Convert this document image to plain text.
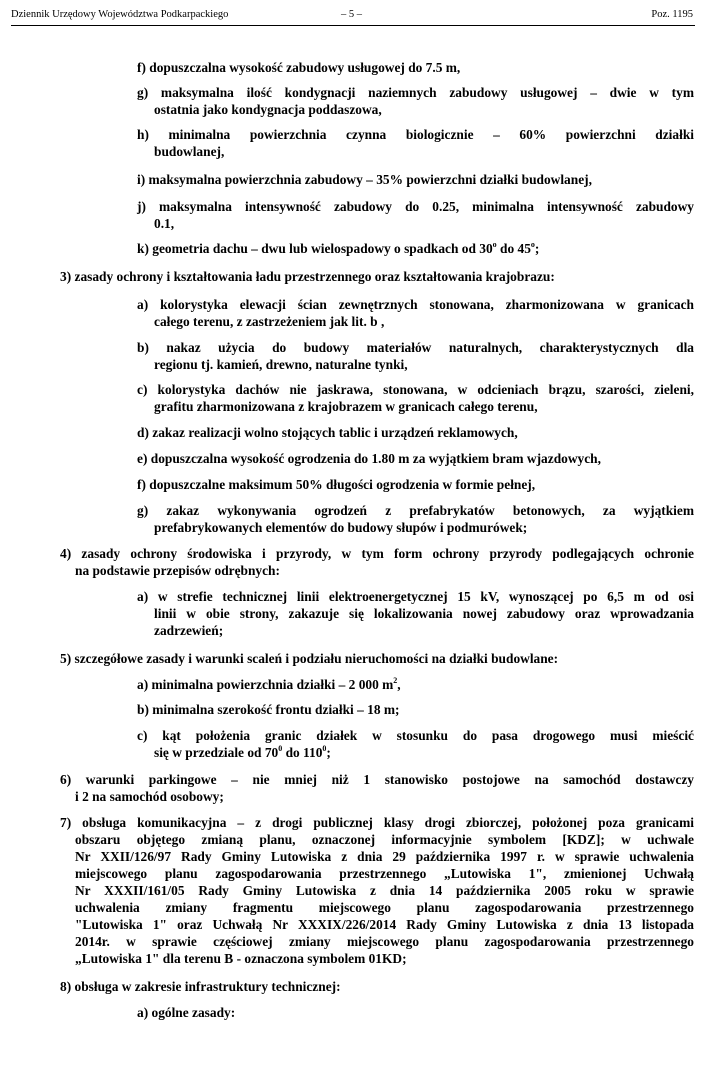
Dziennik Urzędowy Województwa Podkarpackiego	– 5 –	Poz. 1195
f) dopuszczalna wysokość zabudowy usługowej do 7.5 m,
g) maksymalna ilość kondygnacji naziemnych zabudowy usługowej – dwie w tym
ostatnia jako kondygnacja poddaszowa,
h) minimalna powierzchnia czynna biologicznie – 60% powierzchni działki
budowlanej,
i) maksymalna powierzchnia zabudowy – 35% powierzchni działki budowlanej,
j) maksymalna intensywność zabudowy do 0.25, minimalna intensywność zabudowy
0.1,
k) geometria dachu – dwu lub wielospadowy o spadkach od 30$^o$ do 45$^o$;
3) zasady ochrony i kształtowania ładu przestrzennego oraz kształtowania krajobrazu:
a) kolorystyka elewacji ścian zewnętrznych stonowana, zharmonizowana w granicach
całego terenu, z zastrzeżeniem jak lit. b ,
b) nakaz użycia do budowy materiałów naturalnych, charakterystycznych dla
regionu tj. kamień, drewno, naturalne tynki,
c) kolorystyka dachów nie jaskrawa, stonowana, w odcieniach brązu, szarości, zieleni,
grafitu zharmonizowana z krajobrazem w granicach całego terenu,
d) zakaz realizacji wolno stojących tablic i urządzeń reklamowych,
e) dopuszczalna wysokość ogrodzenia do 1.80 m za wyjątkiem bram wjazdowych,
f) dopuszczalne maksimum 50% długości ogrodzenia w formie pełnej,
g) zakaz wykonywania ogrodzeń z prefabrykatów betonowych, za wyjątkiem
prefabrykowanych elementów do budowy słupów i podmurówek;
4) zasady ochrony środowiska i przyrody, w tym form ochrony przyrody podlegających ochronie
na podstawie przepisów odrębnych:
a) w strefie technicznej linii elektroenergetycznej 15 kV, wynoszącej po 6,5 m od osi
linii w obie strony, zakazuje się lokalizowania nowej zabudowy oraz wprowadzania
zadrzewień;
5) szczegółowe zasady i warunki scaleń i podziału nieruchomości na działki budowlane:
a) minimalna powierzchnia działki – 2 000 $m^2$,
b) minimalna szerokość frontu działki – 18 m;
c) kąt położenia granic działek w stosunku do pasa drogowego musi mieścić
się w przedziale od $70^0$ do $110^0$;
6) warunki parkingowe – nie mniej niż 1 stanowisko postojowe na samochód dostawczy
i 2 na samochód osobowy;
7) obsługa komunikacyjna – z drogi publicznej klasy drogi zbiorczej, położonej poza granicami
obszaru objętego zmianą planu, oznaczonej informacyjnie symbolem [KDZ]; w uchwale
Nr XXII/126/97 Rady Gminy Lutowiska z dnia 29 października 1997 r. w sprawie uchwalenia
miejscowego planu zagospodarowania przestrzennego „Lutowiska 1", zmienionej Uchwałą
Nr XXXII/161/05 Rady Gminy Lutowiska z dnia 14 października 2005 roku w sprawie
uchwalenia zmiany fragmentu miejscowego planu zagospodarowania przestrzennego
"Lutowiska 1" oraz Uchwałą Nr XXXIX/226/2014 Rady Gminy Lutowiska z dnia 13 listopada
2014r. w sprawie częściowej zmiany miejscowego planu zagospodarowania przestrzennego
„Lutowiska 1" dla terenu B - oznaczona symbolem 01KD;
8) obsługa w zakresie infrastruktury technicznej:
a) ogólne zasady:
